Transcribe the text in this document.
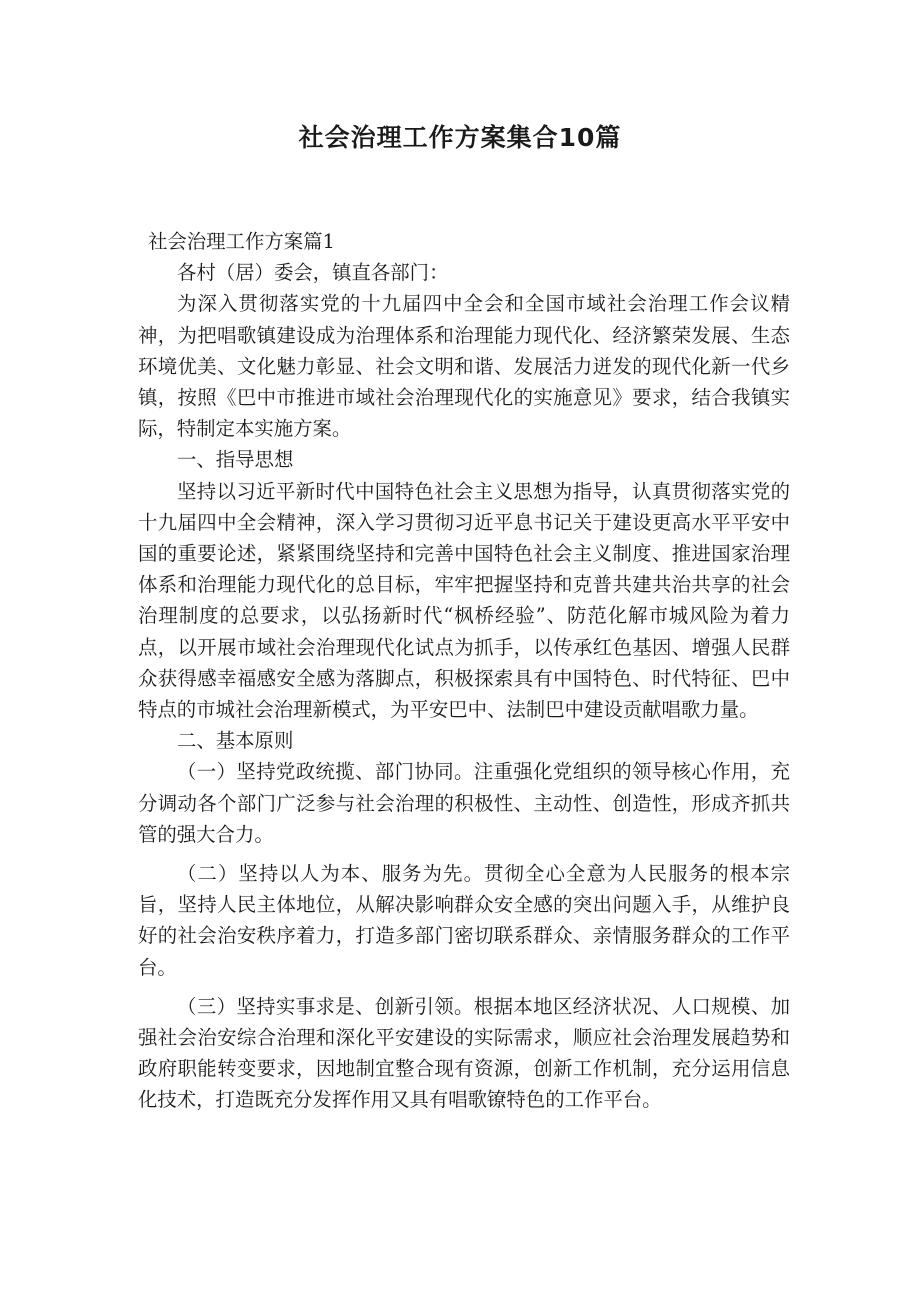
社会治理工作方案集合10篇

社会治理工作方案篇1

各村（居）委会，镇直各部门：

为深入贯彻落实党的十九届四中全会和全国市域社会治理工作会议精神，为把唱歌镇建设成为治理体系和治理能力现代化、经济繁荣发展、生态环境优美、文化魅力彰显、社会文明和谐、发展活力迸发的现代化新一代乡镇，按照《巴中市推进市域社会治理现代化的实施意见》要求，结合我镇实际，特制定本实施方案。

一、指导思想

坚持以习近平新时代中国特色社会主义思想为指导，认真贯彻落实党的十九届四中全会精神，深入学习贯彻习近平息书记关于建设更高水平平安中国的重要论述，紧紧围绕坚持和完善中国特色社会主义制度、推进国家治理体系和治理能力现代化的总目标，牢牢把握坚持和克普共建共治共享的社会治理制度的总要求，以弘扬新时代“枫桥经验”、防范化解市城风险为着力点，以开展市域社会治理现代化试点为抓手，以传承红色基因、增强人民群众获得感幸福感安全感为落脚点，积极探索具有中国特色、时代特征、巴中特点的市城社会治理新模式，为平安巴中、法制巴中建设贡献唱歌力量。

二、基本原则

（一）坚持党政统揽、部门协同。注重强化党组织的领导核心作用，充分调动各个部门广泛参与社会治理的积极性、主动性、创造性，形成齐抓共管的强大合力。

（二）坚持以人为本、服务为先。贯彻全心全意为人民服务的根本宗旨，坚持人民主体地位，从解决影响群众安全感的突出问题入手，从维护良好的社会治安秩序着力，打造多部门密切联系群众、亲情服务群众的工作平台。

（三）坚持实事求是、创新引领。根据本地区经济状况、人口规模、加强社会治安综合治理和深化平安建设的实际需求，顺应社会治理发展趋势和政府职能转变要求，因地制宜整合现有资源，创新工作机制，充分运用信息化技术，打造既充分发挥作用又具有唱歌镣特色的工作平台。
